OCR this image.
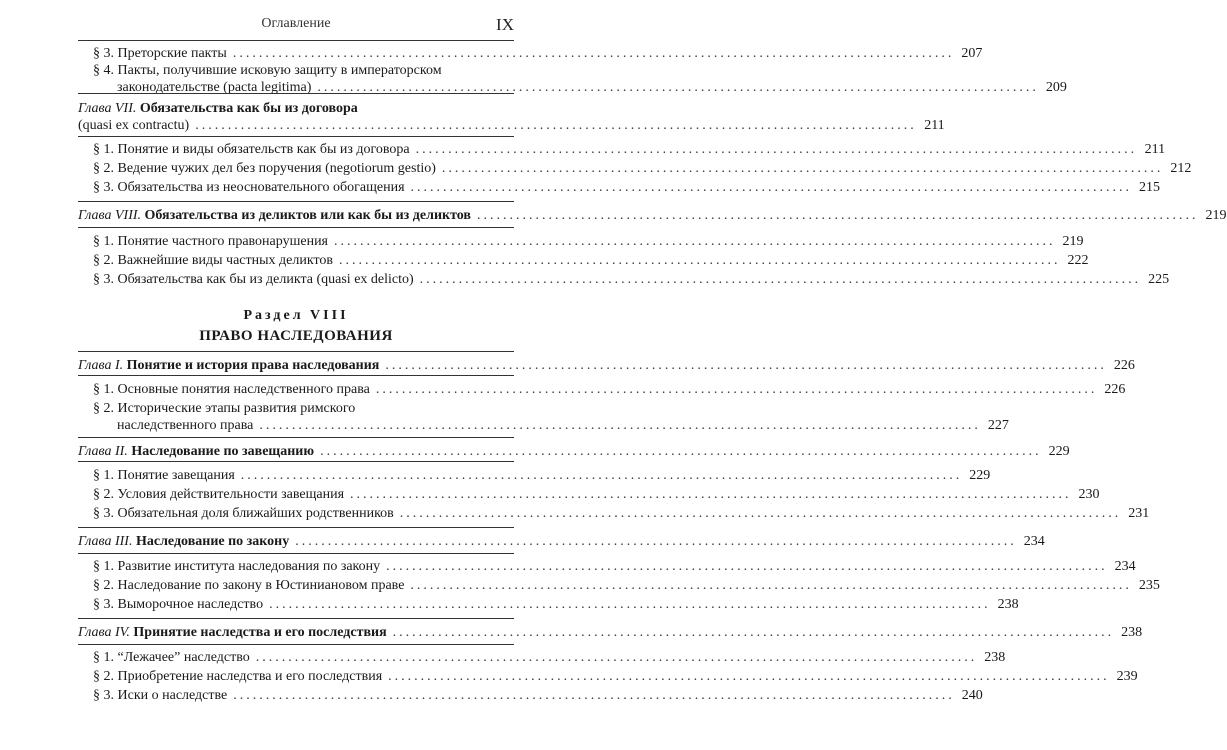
Оглавление	IX
§ 3. Преторские пакты ............................................................................................................... 207
§ 4. Пакты, получившие исковую защиту в императорском
законодательстве (pacta legitima) ............................................................................................................... 209
Глава VII. Обязательства как бы из договора
(quasi ex contractu) ............................................................................................................... 211
§ 1. Понятие и виды обязательств как бы из договора ............................................................................................................... 211
§ 2. Ведение чужих дел без поручения (negotiorum gestio) ............................................................................................................... 212
§ 3. Обязательства из неосновательного обогащения ............................................................................................................... 215
Глава VIII. Обязательства из деликтов или как бы из деликтов ............................................................................................................... 219
§ 1. Понятие частного правонарушения ............................................................................................................... 219
§ 2. Важнейшие виды частных деликтов ............................................................................................................... 222
§ 3. Обязательства как бы из деликта (quasi ex delicto) ............................................................................................................... 225
Раздел VIII
ПРАВО НАСЛЕДОВАНИЯ
Глава I. Понятие и история права наследования ............................................................................................................... 226
§ 1. Основные понятия наследственного права ............................................................................................................... 226
§ 2. Исторические этапы развития римского
наследственного права ............................................................................................................... 227
Глава II. Наследование по завещанию ............................................................................................................... 229
§ 1. Понятие завещания ............................................................................................................... 229
§ 2. Условия действительности завещания ............................................................................................................... 230
§ 3. Обязательная доля ближайших родственников ............................................................................................................... 231
Глава III. Наследование по закону ............................................................................................................... 234
§ 1. Развитие института наследования по закону ............................................................................................................... 234
§ 2. Наследование по закону в Юстиниановом праве ............................................................................................................... 235
§ 3. Выморочное наследство ............................................................................................................... 238
Глава IV. Принятие наследства и его последствия ............................................................................................................... 238
§ 1. “Лежачее” наследство ............................................................................................................... 238
§ 2. Приобретение наследства и его последствия ............................................................................................................... 239
§ 3. Иски о наследстве ............................................................................................................... 240
